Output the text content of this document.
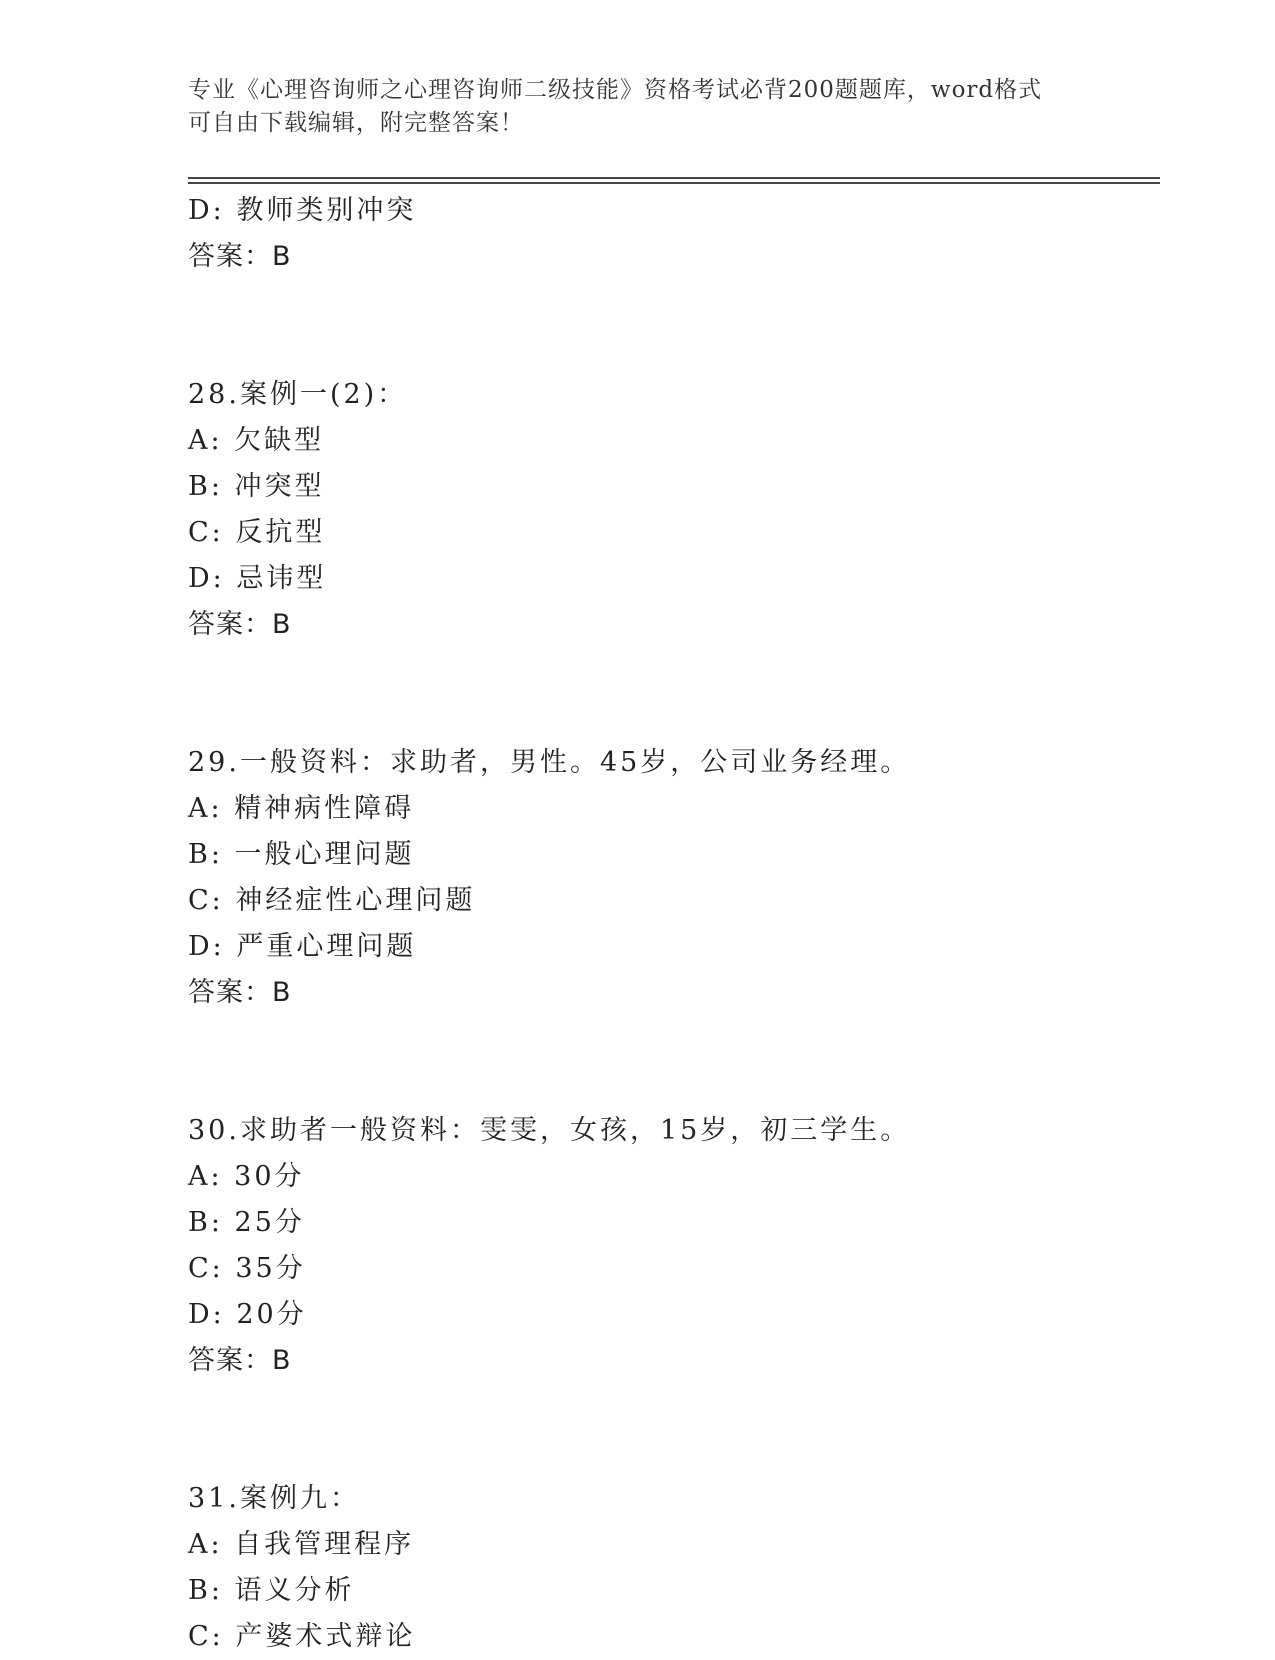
专业《心理咨询师之心理咨询师二级技能》资格考试必背200题题库，word格式
可自由下载编辑，附完整答案！
D: 教师类别冲突
答案：B
28.案例一(2)：
A: 欠缺型
B: 冲突型
C: 反抗型
D: 忌讳型
答案：B
29.一般资料：求助者，男性。45岁，公司业务经理。
A: 精神病性障碍
B: 一般心理问题
C: 神经症性心理问题
D: 严重心理问题
答案：B
30.求助者一般资料：雯雯，女孩，15岁，初三学生。
A: 30分
B: 25分
C: 35分
D: 20分
答案：B
31.案例九：
A: 自我管理程序
B: 语义分析
C: 产婆术式辩论
